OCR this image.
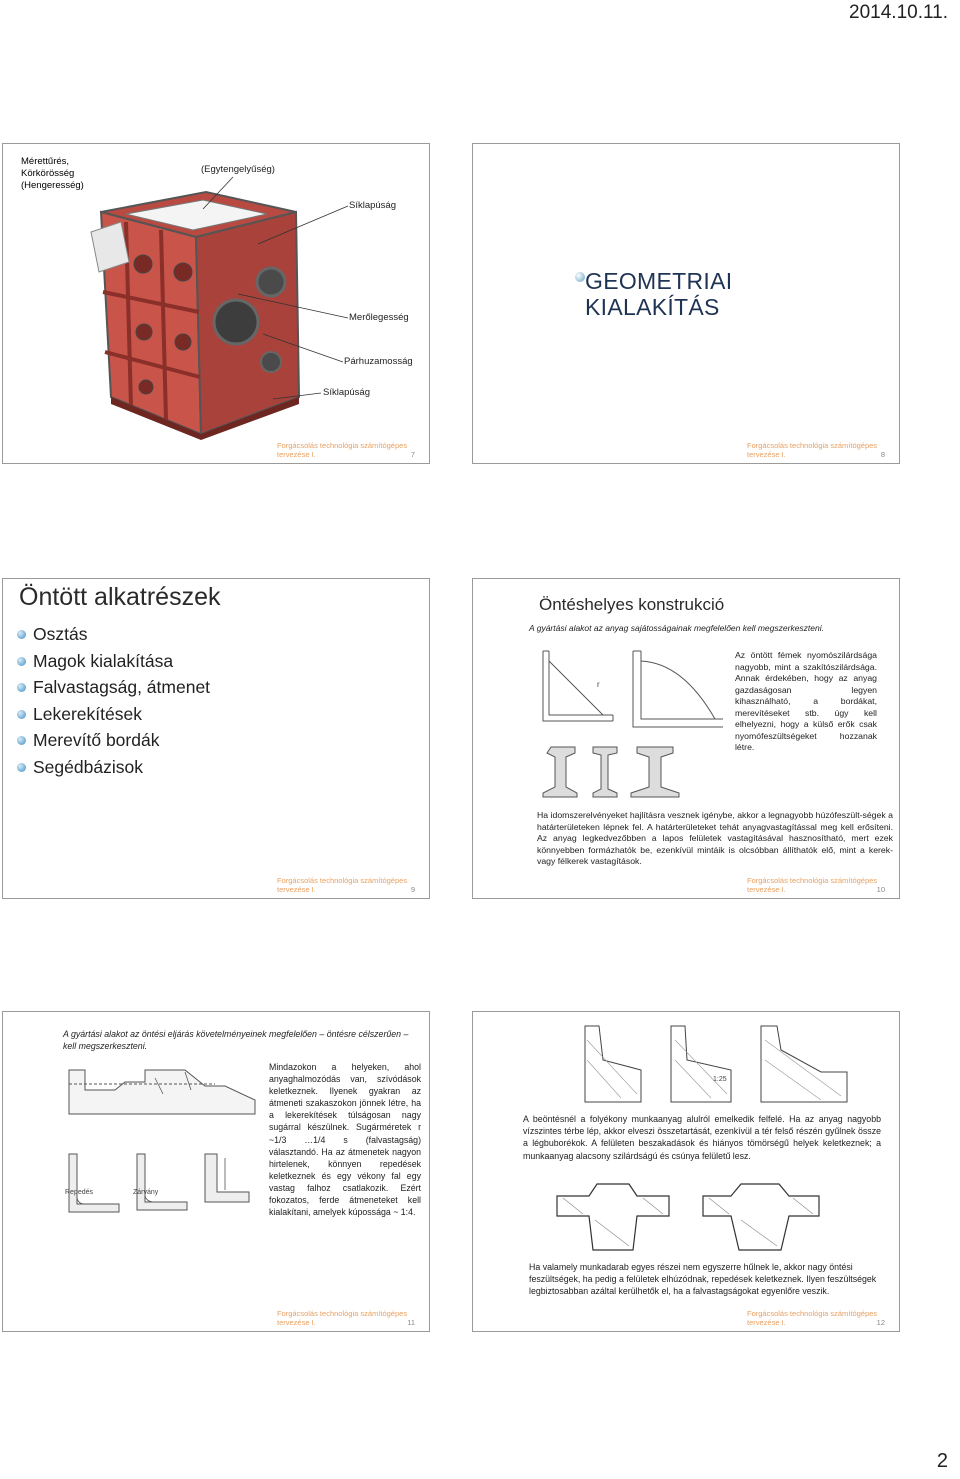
2014.10.11.
Mérettűrés, Körkörösség (Hengeresség)
(Egytengelyűség)
Síklapúság
Merőlegesség
Párhuzamosság
Síklapúság
Forgácsolás technológia számítógépes tervezése I.	7
GEOMETRIAI
KIALAKÍTÁS
Forgácsolás technológia számítógépes tervezése I.	8
Öntött alkatrészek
Osztás
Magok kialakítása
Falvastagság, átmenet
Lekerekítések
Merevítő bordák
Segédbázisok
Forgácsolás technológia számítógépes tervezése I.	9
Öntéshelyes konstrukció
A gyártási alakot az anyag sajátosságainak megfelelően kell megszerkeszteni.
r
Az öntött fémek nyomószilárdsága nagyobb, mint a szakítószilárdsága. Annak érdekében, hogy az anyag gazdaságosan legyen kihasználható, a bordákat, merevítéseket stb. úgy kell elhelyezni, hogy a külső erők csak nyomófeszültségeket hozzanak létre.
Ha idomszerelvényeket hajlításra vesznek igénybe, akkor a legnagyobb húzófeszült-ségek a határterületeken lépnek fel. A határterületeket tehát anyagvastagítással meg kell erősíteni. Az anyag legkedvezőbben a lapos felületek vastagításával hasznosítható, mert ezek könnyebben formázhatók be, ezenkívül mintáik is olcsóbban állíthatók elő, mint a kerek- vagy félkerek vastagítások.
Forgácsolás technológia számítógépes tervezése I.	10
A gyártási alakot az öntési eljárás követelményeinek megfelelően – öntésre célszerűen – kell megszerkeszteni.
Repedés	Zárvány
Mindazokon a helyeken, ahol anyaghalmozódás van, szívódások keletkeznek. Ilyenek gyakran az átmeneti szakaszokon jönnek létre, ha a lekerekítések túlságosan nagy sugárral készülnek. Sugárméretek r ~1/3 …1/4 s (falvastagság) választandó. Ha az átmenetek nagyon hirtelenek, könnyen repedések keletkeznek és egy vékony fal egy vastag falhoz csatlakozik. Ezért fokozatos, ferde átmeneteket kell kialakítani, amelyek kúpossága ~ 1:4.
Forgácsolás technológia számítógépes tervezése I.	11
1:25
A beöntésnél a folyékony munkaanyag alulról emelkedik felfelé. Ha az anyag nagyobb vízszintes térbe lép, akkor elveszi összetartását, ezenkívül a tér felső részén gyűlnek össze a légbuborékok. A felületen beszakadások és hiányos tömörségű helyek keletkeznek; a munkaanyag alacsony szilárdságú és csúnya felületű lesz.
Ha valamely munkadarab egyes részei nem egyszerre hűlnek le, akkor nagy öntési feszültségek, ha pedig a felületek elhúzódnak, repedések keletkeznek. Ilyen feszültségek legbiztosabban azáltal kerülhetők el, ha a falvastagságokat egyenlőre veszik.
Forgácsolás technológia számítógépes tervezése I.	12
2
